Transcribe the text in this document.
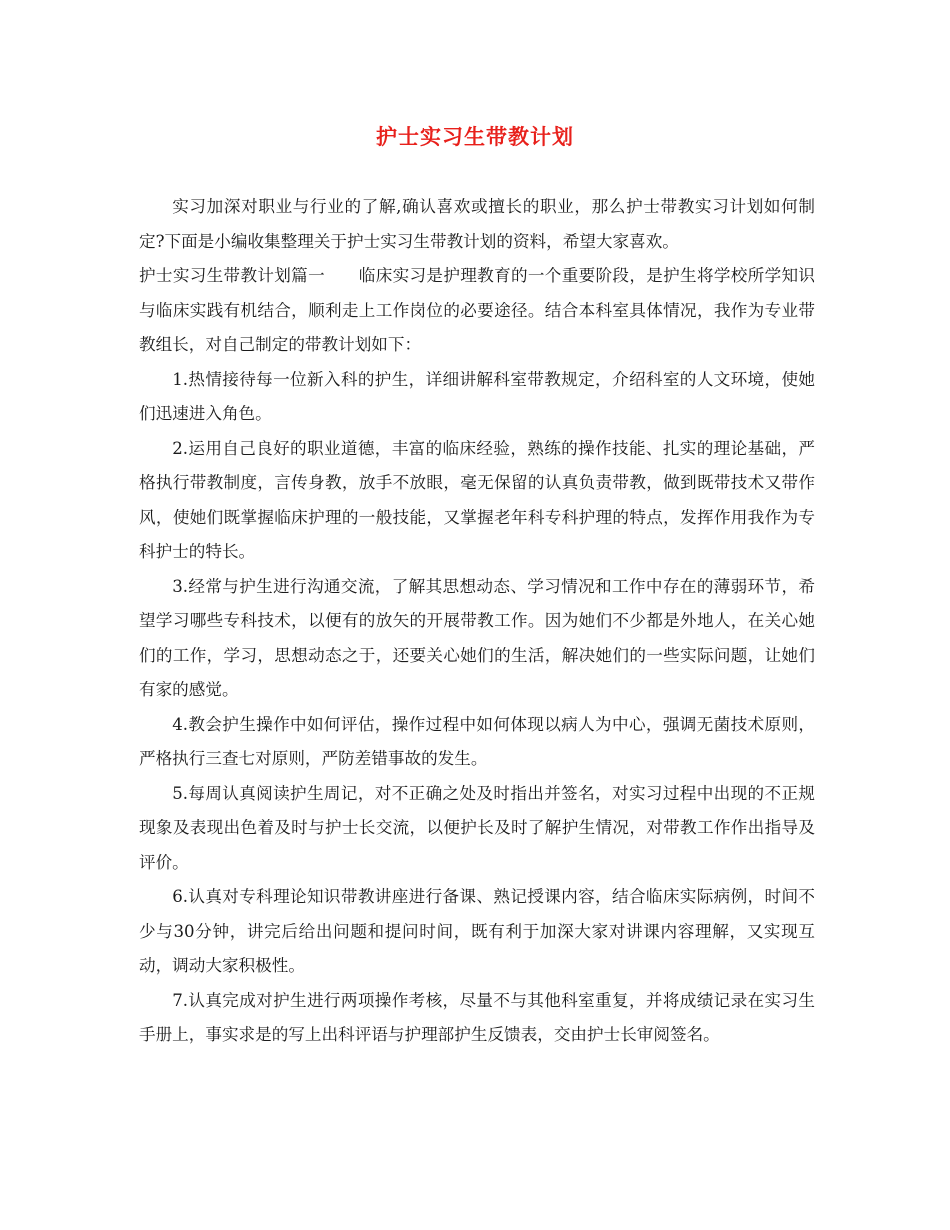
护士实习生带教计划

实习加深对职业与行业的了解,确认喜欢或擅长的职业，那么护士带教实习计划如何制定?下面是小编收集整理关于护士实习生带教计划的资料，希望大家喜欢。

护士实习生带教计划篇一　　临床实习是护理教育的一个重要阶段，是护生将学校所学知识与临床实践有机结合，顺利走上工作岗位的必要途径。结合本科室具体情况，我作为专业带教组长，对自己制定的带教计划如下：

1.热情接待每一位新入科的护生，详细讲解科室带教规定，介绍科室的人文环境，使她们迅速进入角色。

2.运用自己良好的职业道德，丰富的临床经验，熟练的操作技能、扎实的理论基础，严格执行带教制度，言传身教，放手不放眼，毫无保留的认真负责带教，做到既带技术又带作风，使她们既掌握临床护理的一般技能，又掌握老年科专科护理的特点，发挥作用我作为专科护士的特长。

3.经常与护生进行沟通交流，了解其思想动态、学习情况和工作中存在的薄弱环节，希望学习哪些专科技术，以便有的放矢的开展带教工作。因为她们不少都是外地人，在关心她们的工作，学习，思想动态之于，还要关心她们的生活，解决她们的一些实际问题，让她们有家的感觉。

4.教会护生操作中如何评估，操作过程中如何体现以病人为中心，强调无菌技术原则，严格执行三查七对原则，严防差错事故的发生。

5.每周认真阅读护生周记，对不正确之处及时指出并签名，对实习过程中出现的不正规现象及表现出色着及时与护士长交流，以便护长及时了解护生情况，对带教工作作出指导及评价。

6.认真对专科理论知识带教讲座进行备课、熟记授课内容，结合临床实际病例，时间不少与30分钟，讲完后给出问题和提问时间，既有利于加深大家对讲课内容理解，又实现互动，调动大家积极性。

7.认真完成对护生进行两项操作考核，尽量不与其他科室重复，并将成绩记录在实习生手册上，事实求是的写上出科评语与护理部护生反馈表，交由护士长审阅签名。
